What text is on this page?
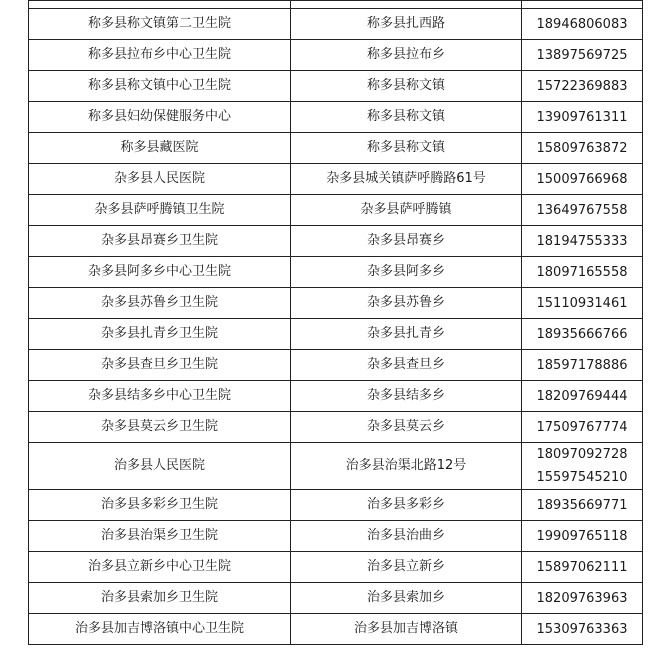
称多县称文镇第二卫生院	称多县扎西路	18946806083

称多县拉布乡中心卫生院	称多县拉布乡	13897569725

称多县称文镇中心卫生院	称多县称文镇	15722369883

称多县妇幼保健服务中心	称多县称文镇	13909761311

称多县藏医院	称多县称文镇	15809763872

杂多县人民医院	杂多县城关镇萨呼腾路61号	15009766968

杂多县萨呼腾镇卫生院	杂多县萨呼腾镇	13649767558

杂多县昂赛乡卫生院	杂多县昂赛乡	18194755333

杂多县阿多乡中心卫生院	杂多县阿多乡	18097165558

杂多县苏鲁乡卫生院	杂多县苏鲁乡	15110931461

杂多县扎青乡卫生院	杂多县扎青乡	18935666766

杂多县查旦乡卫生院	杂多县查旦乡	18597178886

杂多县结多乡中心卫生院	杂多县结多乡	18209769444

杂多县莫云乡卫生院	杂多县莫云乡	17509767774

治多县人民医院	治多县治渠北路12号	18097092728
15597545210

治多县多彩乡卫生院	治多县多彩乡	18935669771

治多县治渠乡卫生院	治多县治曲乡	19909765118

治多县立新乡中心卫生院	治多县立新乡	15897062111

治多县索加乡卫生院	治多县索加乡	18209763963

治多县加吉博洛镇中心卫生院	治多县加吉博洛镇	15309763363
